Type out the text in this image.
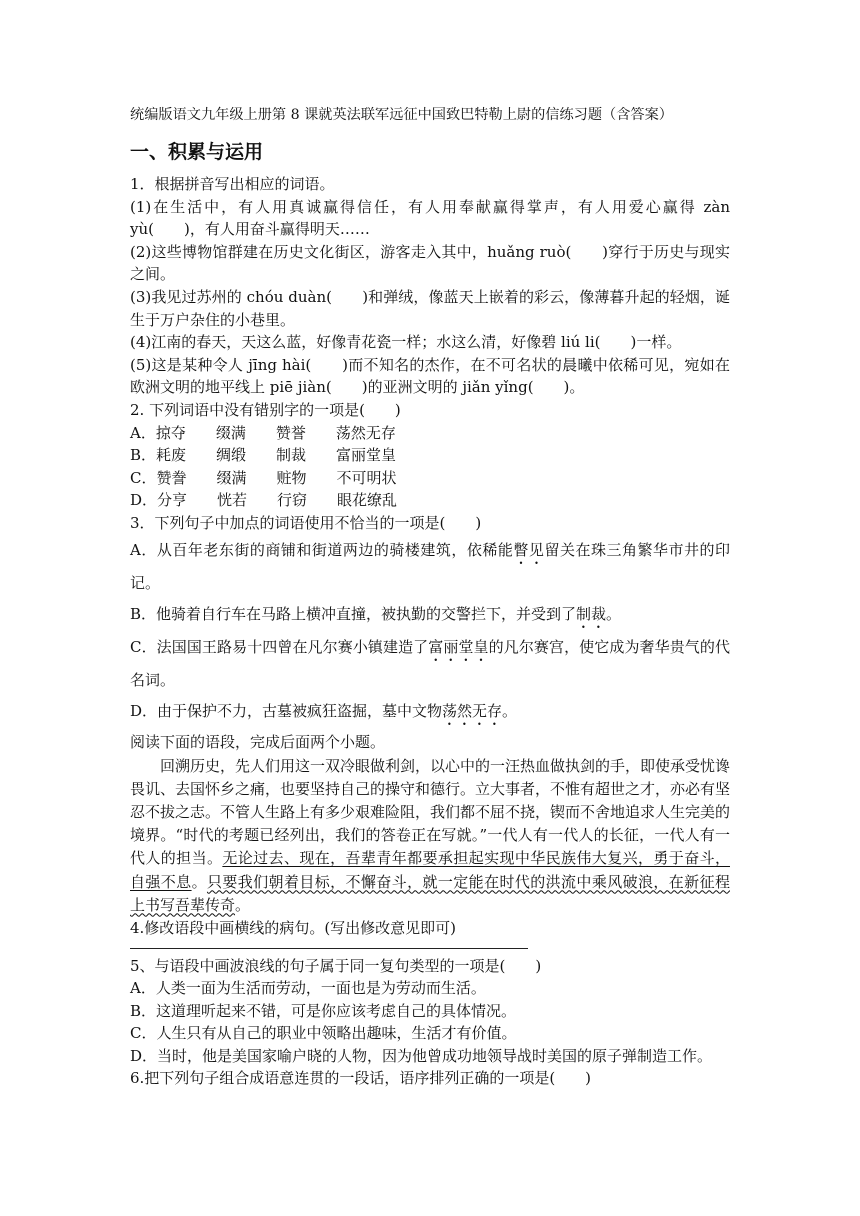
统编版语文九年级上册第 8 课就英法联军远征中国致巴特勒上尉的信练习题（含答案）
一、积累与运用

1．根据拼音写出相应的词语。

(1)在生活中，有人用真诚赢得信任，有人用奉献赢得掌声，有人用爱心赢得 zàn yù(　　)，有人用奋斗赢得明天……

(2)这些博物馆群建在历史文化街区，游客走入其中，huǎng ruò(　　)穿行于历史与现实之间。

(3)我见过苏州的 chóu duàn(　　)和弹绒，像蓝天上嵌着的彩云，像薄暮升起的轻烟，诞生于万户杂住的小巷里。

(4)江南的春天，天这么蓝，好像青花瓷一样；水这么清，好像碧 liú li(　　)一样。

(5)这是某种令人 jīng hài(　　)而不知名的杰作，在不可名状的晨曦中依稀可见，宛如在欧洲文明的地平线上 piē jiàn(　　)的亚洲文明的 jiǎn yǐng(　　)。

2. 下列词语中没有错别字的一项是(　　)

A．掠夺　　缀满　　赞誉　　荡然无存

B．耗废　　绸缎　　制裁　　富丽堂皇

C．赞誊　　缀满　　赃物　　不可明状

D．分亨　　恍若　　行窃　　眼花缭乱

3．下列句子中加点的词语使用不恰当的一项是(　　)

A．从百年老东街的商铺和街道两边的骑楼建筑，依稀能瞥见留关在珠三角繁华市井的印记。

B．他骑着自行车在马路上横冲直撞，被执勤的交警拦下，并受到了制裁。

C．法国国王路易十四曾在凡尔赛小镇建造了富丽堂皇的凡尔赛宫，使它成为奢华贵气的代名词。

D．由于保护不力，古墓被疯狂盗掘，墓中文物荡然无存。

阅读下面的语段，完成后面两个小题。

回溯历史，先人们用这一双冷眼做利剑，以心中的一汪热血做执剑的手，即使承受忧谗畏讥、去国怀乡之痛，也要坚持自己的操守和德行。立大事者，不惟有超世之才，亦必有坚忍不拔之志。不管人生路上有多少艰难险阻，我们都不屈不挠，锲而不舍地追求人生完美的境界。“时代的考题已经列出，我们的答卷正在写就。”一代人有一代人的长征，一代人有一代人的担当。无论过去、现在，吾辈青年都要承担起实现中华民族伟大复兴，勇于奋斗，自强不息。只要我们朝着目标，不懈奋斗，就一定能在时代的洪流中乘风破浪，在新征程上书写吾辈传奇。

4.修改语段中画横线的病句。(写出修改意见即可)

5、与语段中画波浪线的句子属于同一复句类型的一项是(　　)

A．人类一面为生活而劳动，一面也是为劳动而生活。

B．这道理听起来不错，可是你应该考虑自己的具体情况。

C．人生只有从自己的职业中领略出趣味，生活才有价值。

D．当时，他是美国家喻户晓的人物，因为他曾成功地领导战时美国的原子弹制造工作。

6.把下列句子组合成语意连贯的一段话，语序排列正确的一项是(　　)
